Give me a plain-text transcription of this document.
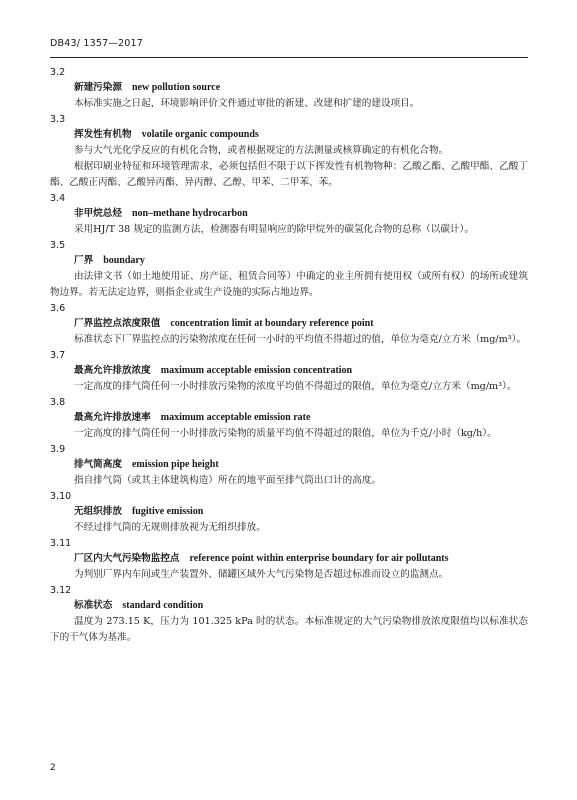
DB43/ 1357—2017
3.2
新建污染源 new pollution source

本标准实施之日起，环境影响评价文件通过审批的新建、改建和扩建的建设项目。

3.3
挥发性有机物 volatile organic compounds

参与大气光化学反应的有机化合物，或者根据规定的方法测量或核算确定的有机化合物。

根据印刷业特征和环境管理需求，必须包括但不限于以下挥发性有机物物种：乙酸乙酯、乙酸甲酯、乙酸丁酯、乙酸正丙酯、乙酸异丙酯、异丙醇、乙醇、甲苯、二甲苯、苯。

3.4
非甲烷总烃 non–methane hydrocarbon

采用HJ/T 38 规定的监测方法，检测器有明显响应的除甲烷外的碳氢化合物的总称（以碳计）。

3.5
厂界 boundary

由法律文书（如土地使用证、房产证、租赁合同等）中确定的业主所拥有使用权（或所有权）的场所或建筑物边界。若无法定边界，则指企业或生产设施的实际占地边界。

3.6
厂界监控点浓度限值 concentration limit at boundary reference point

标准状态下厂界监控点的污染物浓度在任何一小时的平均值不得超过的值，单位为毫克/立方米（mg/m³）。

3.7
最高允许排放浓度 maximum acceptable emission concentration

一定高度的排气筒任何一小时排放污染物的浓度平均值不得超过的限值，单位为毫克/立方米（mg/m³）。

3.8
最高允许排放速率 maximum acceptable emission rate

一定高度的排气筒任何一小时排放污染物的质量平均值不得超过的限值，单位为千克/小时（kg/h）。

3.9
排气筒高度 emission pipe height

指自排气筒（或其主体建筑构造）所在的地平面至排气筒出口计的高度。

3.10
无组织排放 fugitive emission

不经过排气筒的无规则排放视为无组织排放。

3.11
厂区内大气污染物监控点 reference point within enterprise boundary for air pollutants

为判别厂界内车间或生产装置外、储罐区域外大气污染物是否超过标准而设立的监测点。

3.12
标准状态 standard condition

温度为 273.15 K，压力为 101.325 kPa 时的状态。本标准规定的大气污染物排放浓度限值均以标准状态下的干气体为基准。

2
